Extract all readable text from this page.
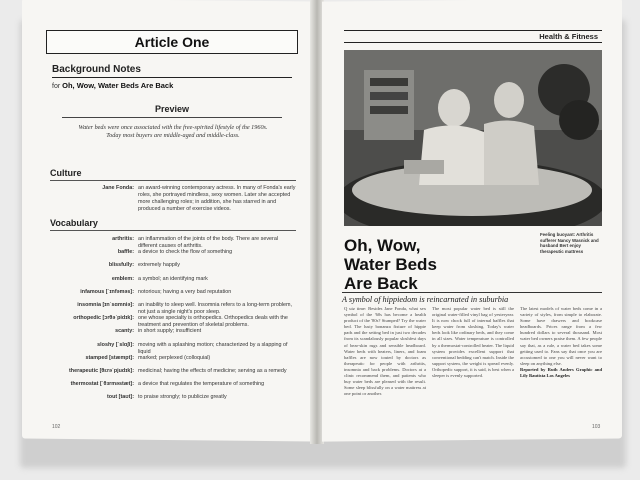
Article One
Background Notes
for Oh, Wow, Water Beds Are Back
Preview
Water beds were once associated with the free-spirited lifestyle of the 1960s. Today most buyers are middle-aged and middle-class.
Culture
Jane Fonda: an award-winning contemporary actress. In many of Fonda's early roles, she portrayed mindless, sexy women. Later she accepted more challenging roles; in addition, she has starred in and produced a number of exercise videos.
Vocabulary
arthritis: an inflammation of the joints of the body. There are several different causes of arthritis.
baffle: a device to check the flow of something
blissfully: extremely happily
emblem: a symbol; an identifying mark
infamous [ˈɪnfəməs]: notorious; having a very bad reputation
insomnia [ɪnˈsɑmniə]: an inability to sleep well. Insomnia refers to a long-term problem, not just a single night's poor sleep.
orthopedic [ɔrθəˈpidɪk]: one whose specialty is orthopedics. Orthopedics deals with the treatment and prevention of skeletal problems.
scanty: in short supply; insufficient
sloshy [ˈslɑʃi]: moving with a splashing motion; characterized by a slapping of liquid
stamped [stæmpt]: marked; perplexed (colloquial)
therapeutic [θɛrəˈpjudɪk]: medicinal; having the effects of medicine; serving as a remedy
thermostat [ˈθɜrməstæt]: a device that regulates the temperature of something
tout [taʊt]: to praise strongly; to publicize greatly
102
Health & Fitness
Feeling buoyant: Arthritis sufferer Nancy Wasnick and husband Bert enjoy therapeutic mattress
Oh, Wow,
Water Beds
Are Back
A symbol of hippiedom is reincarnated in suburbia
Q uiz time: Besides Jane Fonda, what sex symbol of the '60s has become a health product of the '80s? Stumped? Try the water bed. The lusty bonanza fixture of hippie pads and the setting bed in just two decades from its scandalously popular sloshfest days of bear-skin rugs and sensible headboard. Water beds with heaters, liners, and foam baffles are now touted by doctors as therapeutic for people with arthritis, insomnia and back problems. Doctors at a clinic recommend them, and patients who buy water beds are pleased with the result. Some sleep blissfully on a water mattress at one point or another.
The most popular water bed is still the original water-filled vinyl bag of yesteryear. It is now chock full of internal baffles that keep water from sloshing. Today's water beds look like ordinary beds, and they come in all sizes. Water temperature is controlled by a thermostat-controlled heater. The liquid system provides excellent support that conventional bedding can't match. Inside the support system, the weight is spread evenly. Orthopedic support, it is said, is best when a sleeper is evenly supported.
The latest models of water beds come in a variety of styles, from simple to elaborate. Some have drawers and bookcase headboards. Prices range from a few hundred dollars to several thousand. Most water bed owners praise them. A few people say that, as a rule, a water bed takes some getting used to. Fans say that once you are accustomed to one you will never want to sleep on anything else.
Reported by Ruth Anders Graphic and Lily Bautista Los Angeles
103
